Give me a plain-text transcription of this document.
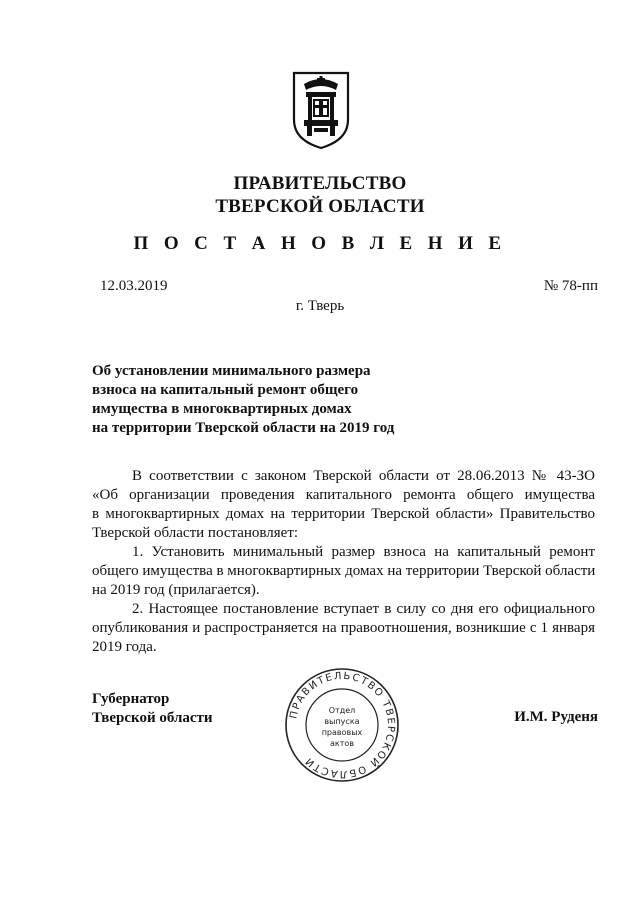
ПРАВИТЕЛЬСТВО
ТВЕРСКОЙ ОБЛАСТИ
П О С Т А Н О В Л Е Н И Е
12.03.2019	№ 78-пп
г. Тверь
Об установлении минимального размера
взноса на капитальный ремонт общего
имущества в многоквартирных домах
на территории Тверской области на 2019 год
В соответствии с законом Тверской области от 28.06.2013 № 43-ЗО
«Об организации проведения капитального ремонта общего имущества
в многоквартирных домах на территории Тверской области» Правительство
Тверской области постановляет:
1. Установить минимальный размер взноса на капитальный ремонт
общего имущества в многоквартирных домах на территории Тверской области
на 2019 год (прилагается).
2. Настоящее постановление вступает в силу со дня его официального
опубликования и распространяется на правоотношения, возникшие с 1 января
2019 года.
Губернатор
Тверской области	И.М. Руденя
ПРАВИТЕЛЬСТВО ТВЕРСКОЙ ОБЛАСТИ
Отдел
выпуска
правовых
актов
